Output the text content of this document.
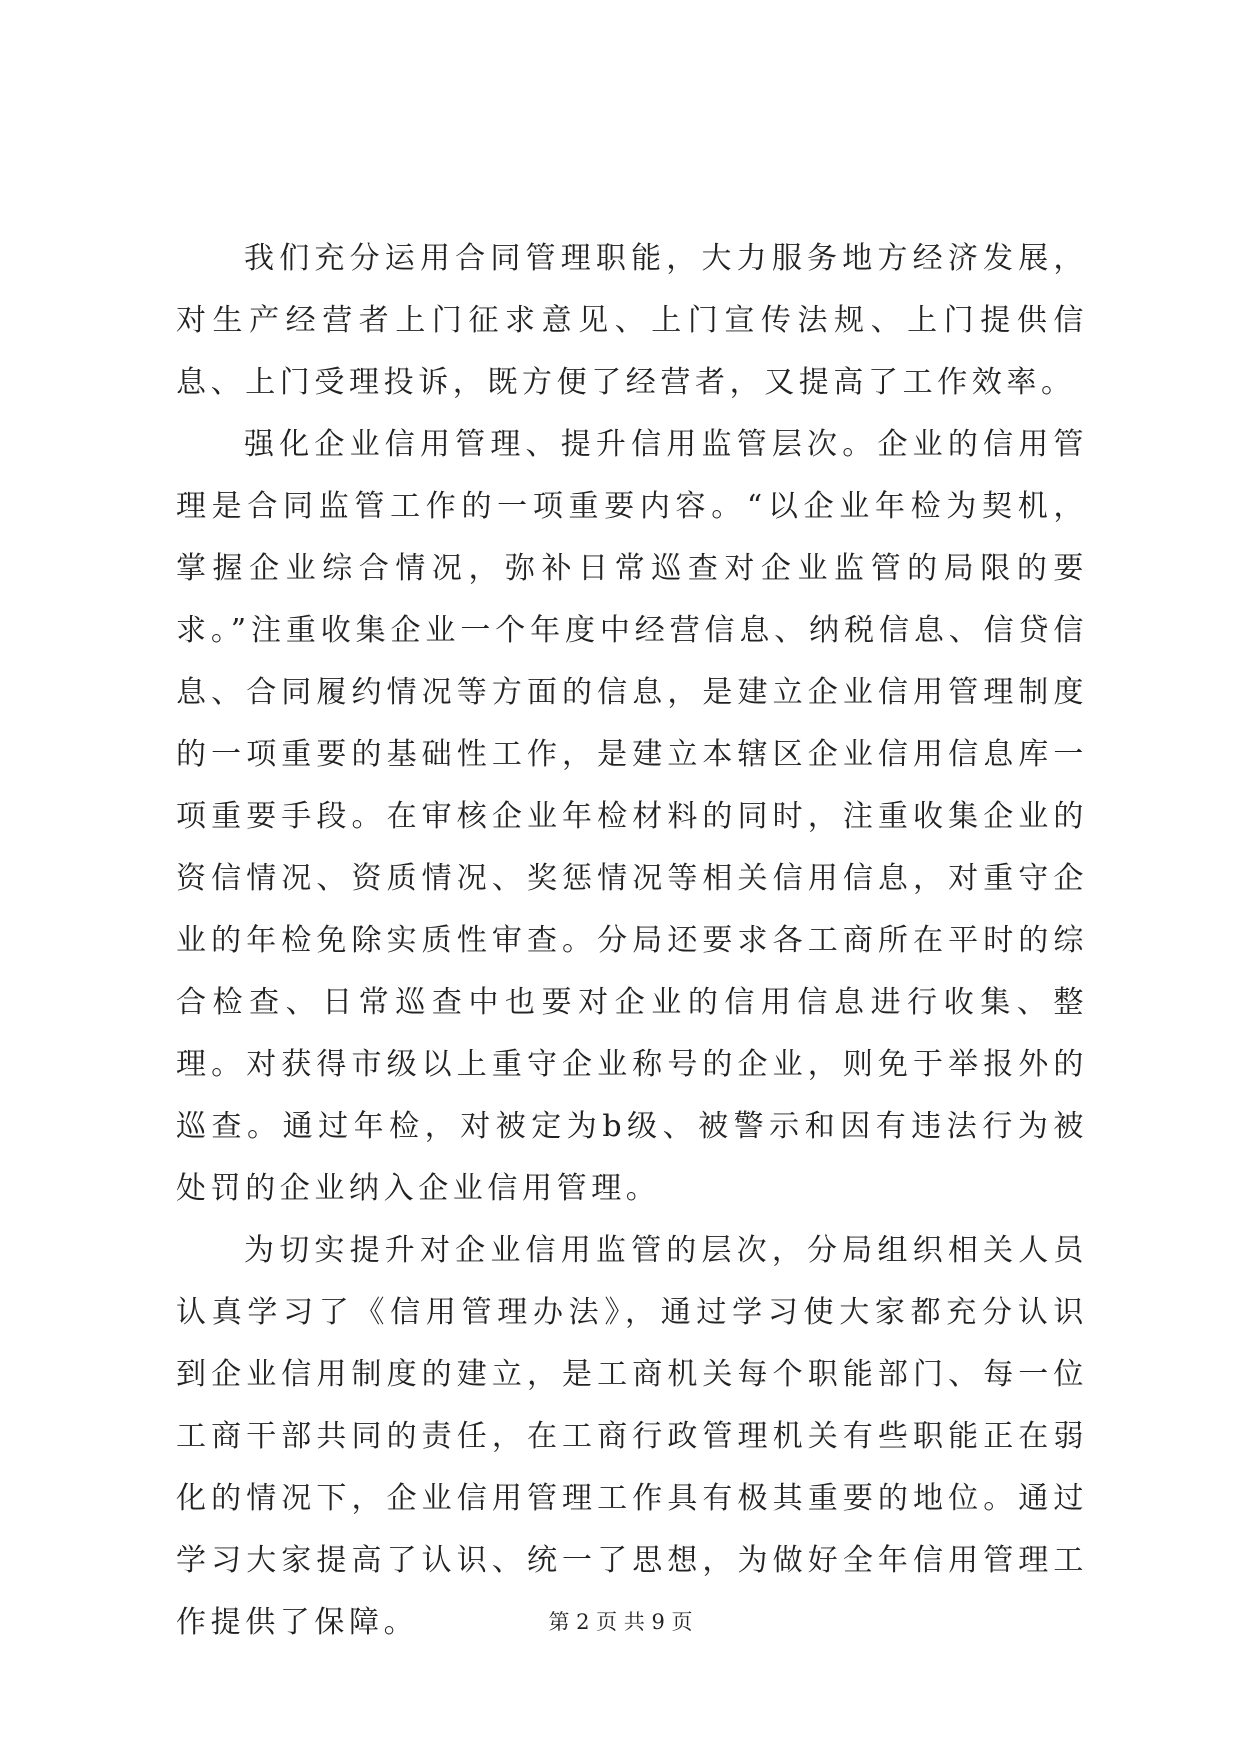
我们充分运用合同管理职能，大力服务地方经济发展，对生产经营者上门征求意见、上门宣传法规、上门提供信息、上门受理投诉，既方便了经营者，又提高了工作效率。

强化企业信用管理、提升信用监管层次。企业的信用管理是合同监管工作的一项重要内容。“以企业年检为契机，掌握企业综合情况，弥补日常巡查对企业监管的局限的要求。”注重收集企业一个年度中经营信息、纳税信息、信贷信息、合同履约情况等方面的信息，是建立企业信用管理制度的一项重要的基础性工作，是建立本辖区企业信用信息库一项重要手段。在审核企业年检材料的同时，注重收集企业的资信情况、资质情况、奖惩情况等相关信用信息，对重守企业的年检免除实质性审查。分局还要求各工商所在平时的综合检查、日常巡查中也要对企业的信用信息进行收集、整理。对获得市级以上重守企业称号的企业，则免于举报外的巡查。通过年检，对被定为b级、被警示和因有违法行为被处罚的企业纳入企业信用管理。

为切实提升对企业信用监管的层次，分局组织相关人员认真学习了《信用管理办法》，通过学习使大家都充分认识到企业信用制度的建立，是工商机关每个职能部门、每一位工商干部共同的责任，在工商行政管理机关有些职能正在弱化的情况下，企业信用管理工作具有极其重要的地位。通过学习大家提高了认识、统一了思想，为做好全年信用管理工作提供了保障。	第 2 页 共 9 页
